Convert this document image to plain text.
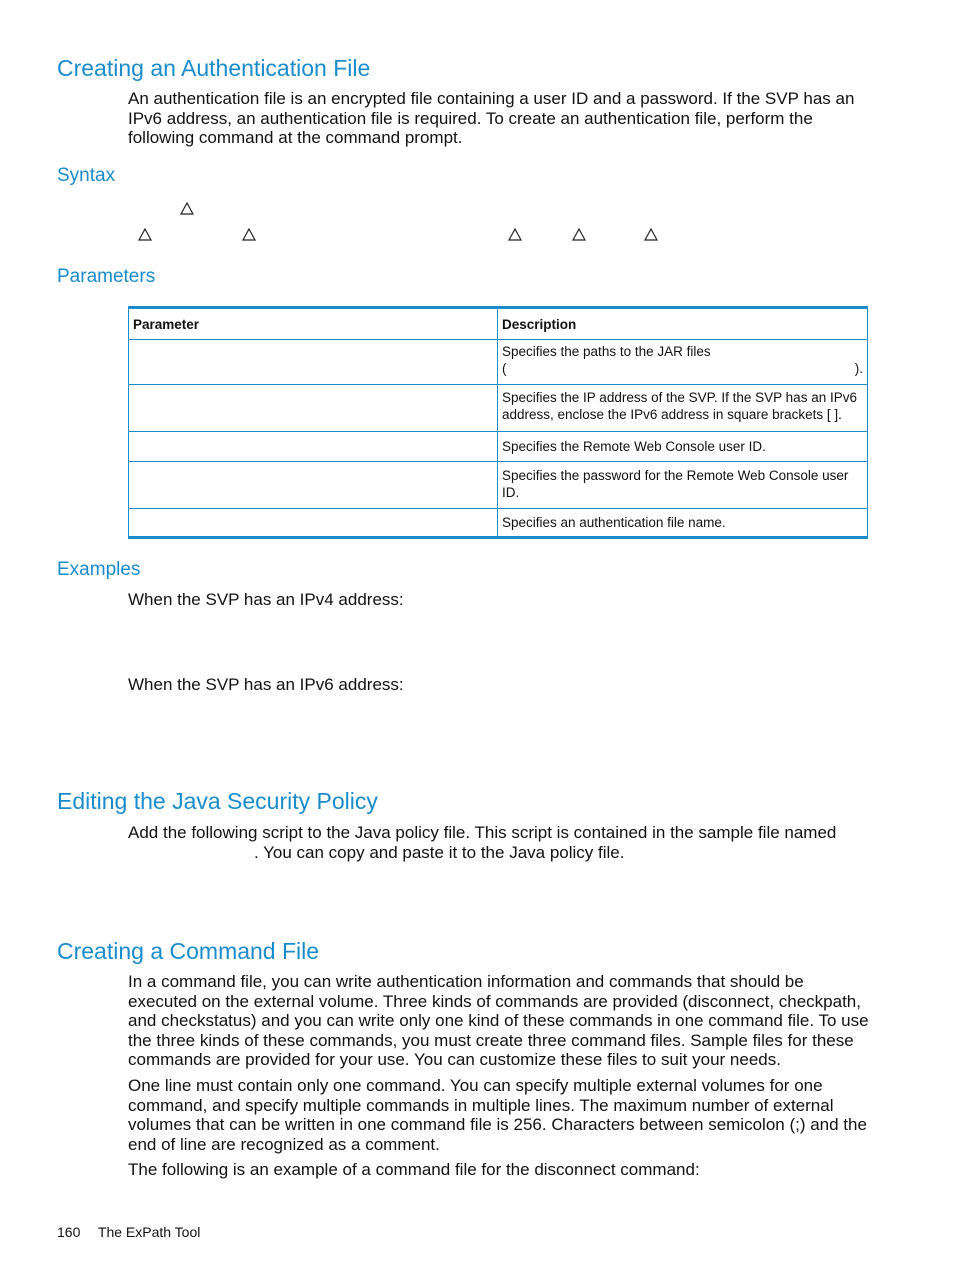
Creating an Authentication File
An authentication file is an encrypted file containing a user ID and a password. If the SVP has an IPv6 address, an authentication file is required. To create an authentication file, perform the following command at the command prompt.
Syntax
Parameters
Parameter	Description

	Specifies the paths to the JAR files
( ).

	Specifies the IP address of the SVP. If the SVP has an IPv6 address, enclose the IPv6 address in square brackets [ ].
	Specifies the Remote Web Console user ID.
	Specifies the password for the Remote Web Console user ID.
	Specifies an authentication file name.
Examples
When the SVP has an IPv4 address:
When the SVP has an IPv6 address:
Editing the Java Security Policy
Add the following script to the Java policy file. This script is contained in the sample file named
. You can copy and paste it to the Java policy file.
Creating a Command File
In a command file, you can write authentication information and commands that should be executed on the external volume. Three kinds of commands are provided (disconnect, checkpath, and checkstatus) and you can write only one kind of these commands in one command file. To use the three kinds of these commands, you must create three command files. Sample files for these commands are provided for your use. You can customize these files to suit your needs.
One line must contain only one command. You can specify multiple external volumes for one command, and specify multiple commands in multiple lines. The maximum number of external volumes that can be written in one command file is 256. Characters between semicolon (;) and the end of line are recognized as a comment.
The following is an example of a command file for the disconnect command:
160 The ExPath Tool
